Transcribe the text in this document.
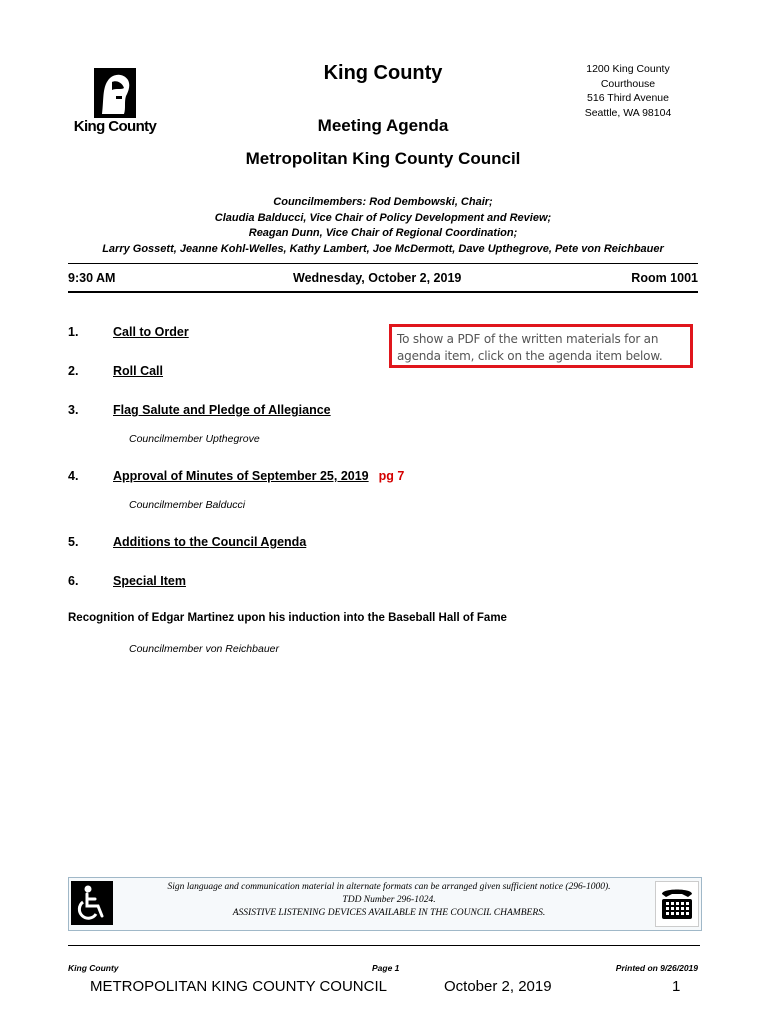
King County
King County	1200 King County
Courthouse
516 Third Avenue
Seattle, WA 98104
Meeting Agenda
Metropolitan King County Council
Councilmembers: Rod Dembowski, Chair;
Claudia Balducci, Vice Chair of Policy Development and Review;
Reagan Dunn, Vice Chair of Regional Coordination;
Larry Gossett, Jeanne Kohl-Welles, Kathy Lambert, Joe McDermott, Dave Upthegrove, Pete von Reichbauer
9:30 AM	Wednesday, October 2, 2019	Room 1001
1.	Call to Order
2.	Roll Call
3.	Flag Salute and Pledge of Allegiance
Councilmember Upthegrove
4.	Approval of Minutes of September 25, 2019 pg 7
Councilmember Balducci
5.	Additions to the Council Agenda
6.	Special Item
To show a PDF of the written materials for an agenda item, click on the agenda item below.
Recognition of Edgar Martinez upon his induction into the Baseball Hall of Fame
Councilmember von Reichbauer
Sign language and communication material in alternate formats can be arranged given sufficient notice (296-1000).
TDD Number 296-1024.
ASSISTIVE LISTENING DEVICES AVAILABLE IN THE COUNCIL CHAMBERS.
King County	Page 1	Printed on 9/26/2019
METROPOLITAN KING COUNTY COUNCIL	October 2, 2019	1
